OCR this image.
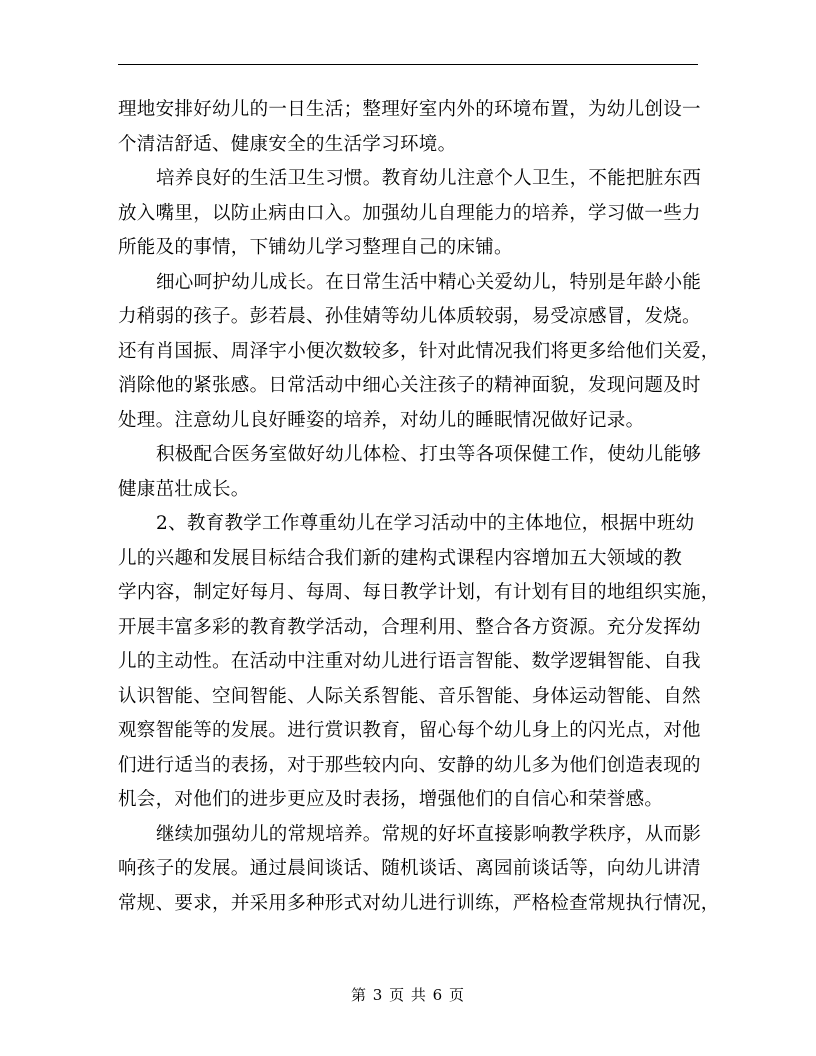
理地安排好幼儿的一日生活；整理好室内外的环境布置，为幼儿创设一
个清洁舒适、健康安全的生活学习环境。
培养良好的生活卫生习惯。教育幼儿注意个人卫生，不能把脏东西
放入嘴里，以防止病由口入。加强幼儿自理能力的培养，学习做一些力
所能及的事情，下铺幼儿学习整理自己的床铺。
细心呵护幼儿成长。在日常生活中精心关爱幼儿，特别是年龄小能
力稍弱的孩子。彭若晨、孙佳婧等幼儿体质较弱，易受凉感冒，发烧。
还有肖国振、周泽宇小便次数较多，针对此情况我们将更多给他们关爱，
消除他的紧张感。日常活动中细心关注孩子的精神面貌，发现问题及时
处理。注意幼儿良好睡姿的培养，对幼儿的睡眠情况做好记录。
积极配合医务室做好幼儿体检、打虫等各项保健工作，使幼儿能够
健康茁壮成长。
2、教育教学工作尊重幼儿在学习活动中的主体地位，根据中班幼
儿的兴趣和发展目标结合我们新的建构式课程内容增加五大领域的教
学内容，制定好每月、每周、每日教学计划，有计划有目的地组织实施，
开展丰富多彩的教育教学活动，合理利用、整合各方资源。充分发挥幼
儿的主动性。在活动中注重对幼儿进行语言智能、数学逻辑智能、自我
认识智能、空间智能、人际关系智能、音乐智能、身体运动智能、自然
观察智能等的发展。进行赏识教育，留心每个幼儿身上的闪光点，对他
们进行适当的表扬，对于那些较内向、安静的幼儿多为他们创造表现的
机会，对他们的进步更应及时表扬，增强他们的自信心和荣誉感。
继续加强幼儿的常规培养。常规的好坏直接影响教学秩序，从而影
响孩子的发展。通过晨间谈话、随机谈话、离园前谈话等，向幼儿讲清
常规、要求，并采用多种形式对幼儿进行训练，严格检查常规执行情况，
第 3 页 共 6 页
